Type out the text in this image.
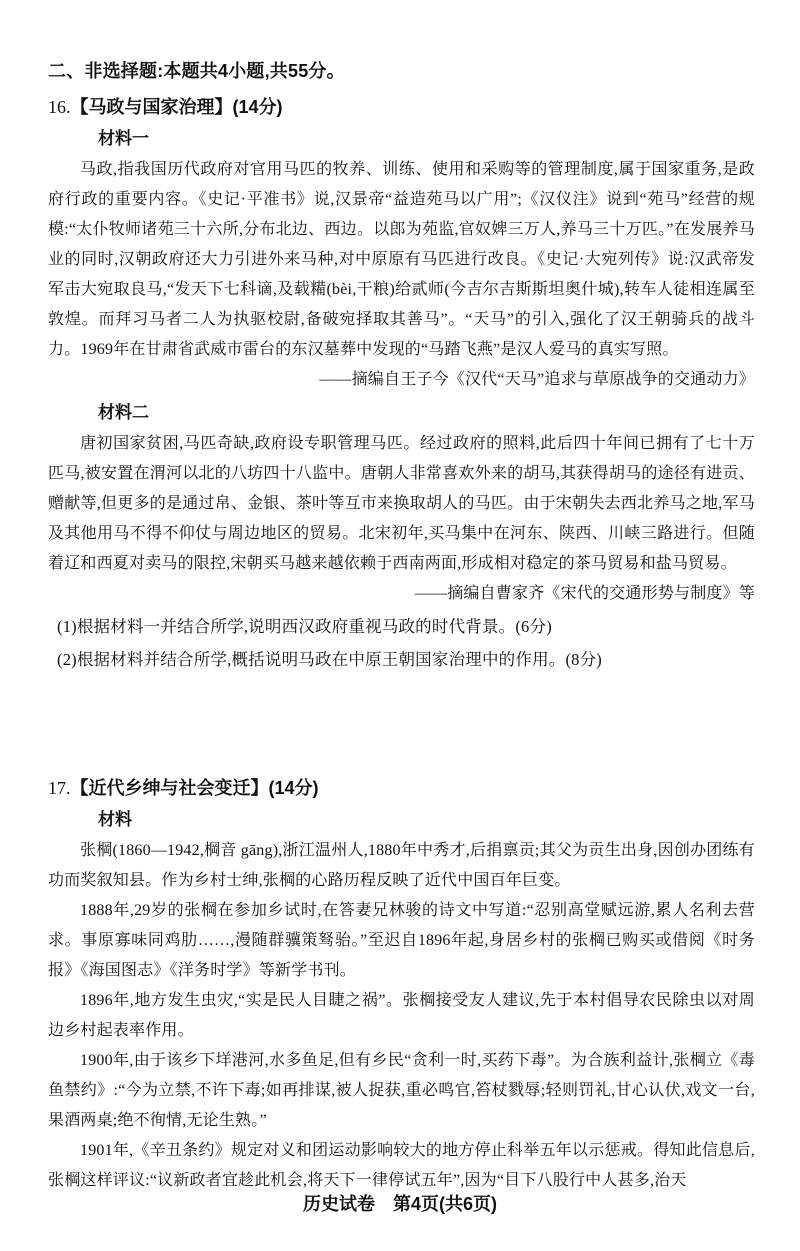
二、非选择题:本题共4小题,共55分。
16.【马政与国家治理】(14分)
材料一

马政,指我国历代政府对官用马匹的牧养、训练、使用和采购等的管理制度,属于国家重务,是政府行政的重要内容。《史记·平准书》说,汉景帝“益造苑马以广用”;《汉仪注》说到“苑马”经营的规模:“太仆牧师诸苑三十六所,分布北边、西边。以郎为苑监,官奴婢三万人,养马三十万匹。”在发展养马业的同时,汉朝政府还大力引进外来马种,对中原原有马匹进行改良。《史记·大宛列传》说:汉武帝发军击大宛取良马,“发天下七科谪,及载糒(bèi,干粮)给贰师(今吉尔吉斯斯坦奥什城),转车人徒相连属至敦煌。而拜习马者二人为执驱校尉,备破宛择取其善马”。“天马”的引入,强化了汉王朝骑兵的战斗力。1969年在甘肃省武威市雷台的东汉墓葬中发现的“马踏飞燕”是汉人爱马的真实写照。

——摘编自王子今《汉代“天马”追求与草原战争的交通动力》

材料二

唐初国家贫困,马匹奇缺,政府设专职管理马匹。经过政府的照料,此后四十年间已拥有了七十万匹马,被安置在渭河以北的八坊四十八监中。唐朝人非常喜欢外来的胡马,其获得胡马的途径有进贡、赠献等,但更多的是通过帛、金银、茶叶等互市来换取胡人的马匹。由于宋朝失去西北养马之地,军马及其他用马不得不仰仗与周边地区的贸易。北宋初年,买马集中在河东、陕西、川峡三路进行。但随着辽和西夏对卖马的限控,宋朝买马越来越依赖于西南两面,形成相对稳定的茶马贸易和盐马贸易。

——摘编自曹家齐《宋代的交通形势与制度》等

(1)根据材料一并结合所学,说明西汉政府重视马政的时代背景。(6分)
(2)根据材料并结合所学,概括说明马政在中原王朝国家治理中的作用。(8分)
17.【近代乡绅与社会变迁】(14分)
材料

张棡(1860—1942,棡音 gāng),浙江温州人,1880年中秀才,后捐禀贡;其父为贡生出身,因创办团练有功而奖叙知县。作为乡村士绅,张棡的心路历程反映了近代中国百年巨变。

1888年,29岁的张棡在参加乡试时,在答妻兄林骏的诗文中写道:“忍别高堂赋远游,累人名利去营求。事原寡味同鸡肋……,漫随群骥策驽骀。”至迟自1896年起,身居乡村的张棡已购买或借阅《时务报》《海国图志》《洋务时学》等新学书刊。

1896年,地方发生虫灾,“实是民人目睫之祸”。张棡接受友人建议,先于本村倡导农民除虫以对周边乡村起表率作用。

1900年,由于该乡下垟港河,水多鱼足,但有乡民“贪利一时,买药下毒”。为合族利益计,张棡立《毒鱼禁约》:“今为立禁,不许下毒;如再排谋,被人捉获,重必鸣官,笞杖戮辱;轻则罚礼,甘心认伏,戏文一台,果酒两桌;绝不徇情,无论生熟。”

1901年,《辛丑条约》规定对义和团运动影响较大的地方停止科举五年以示惩戒。得知此信息后,张棡这样评议:“议新政者宜趁此机会,将天下一律停试五年”,因为“目下八股行中人甚多,治天

历史试卷 第4页(共6页)
